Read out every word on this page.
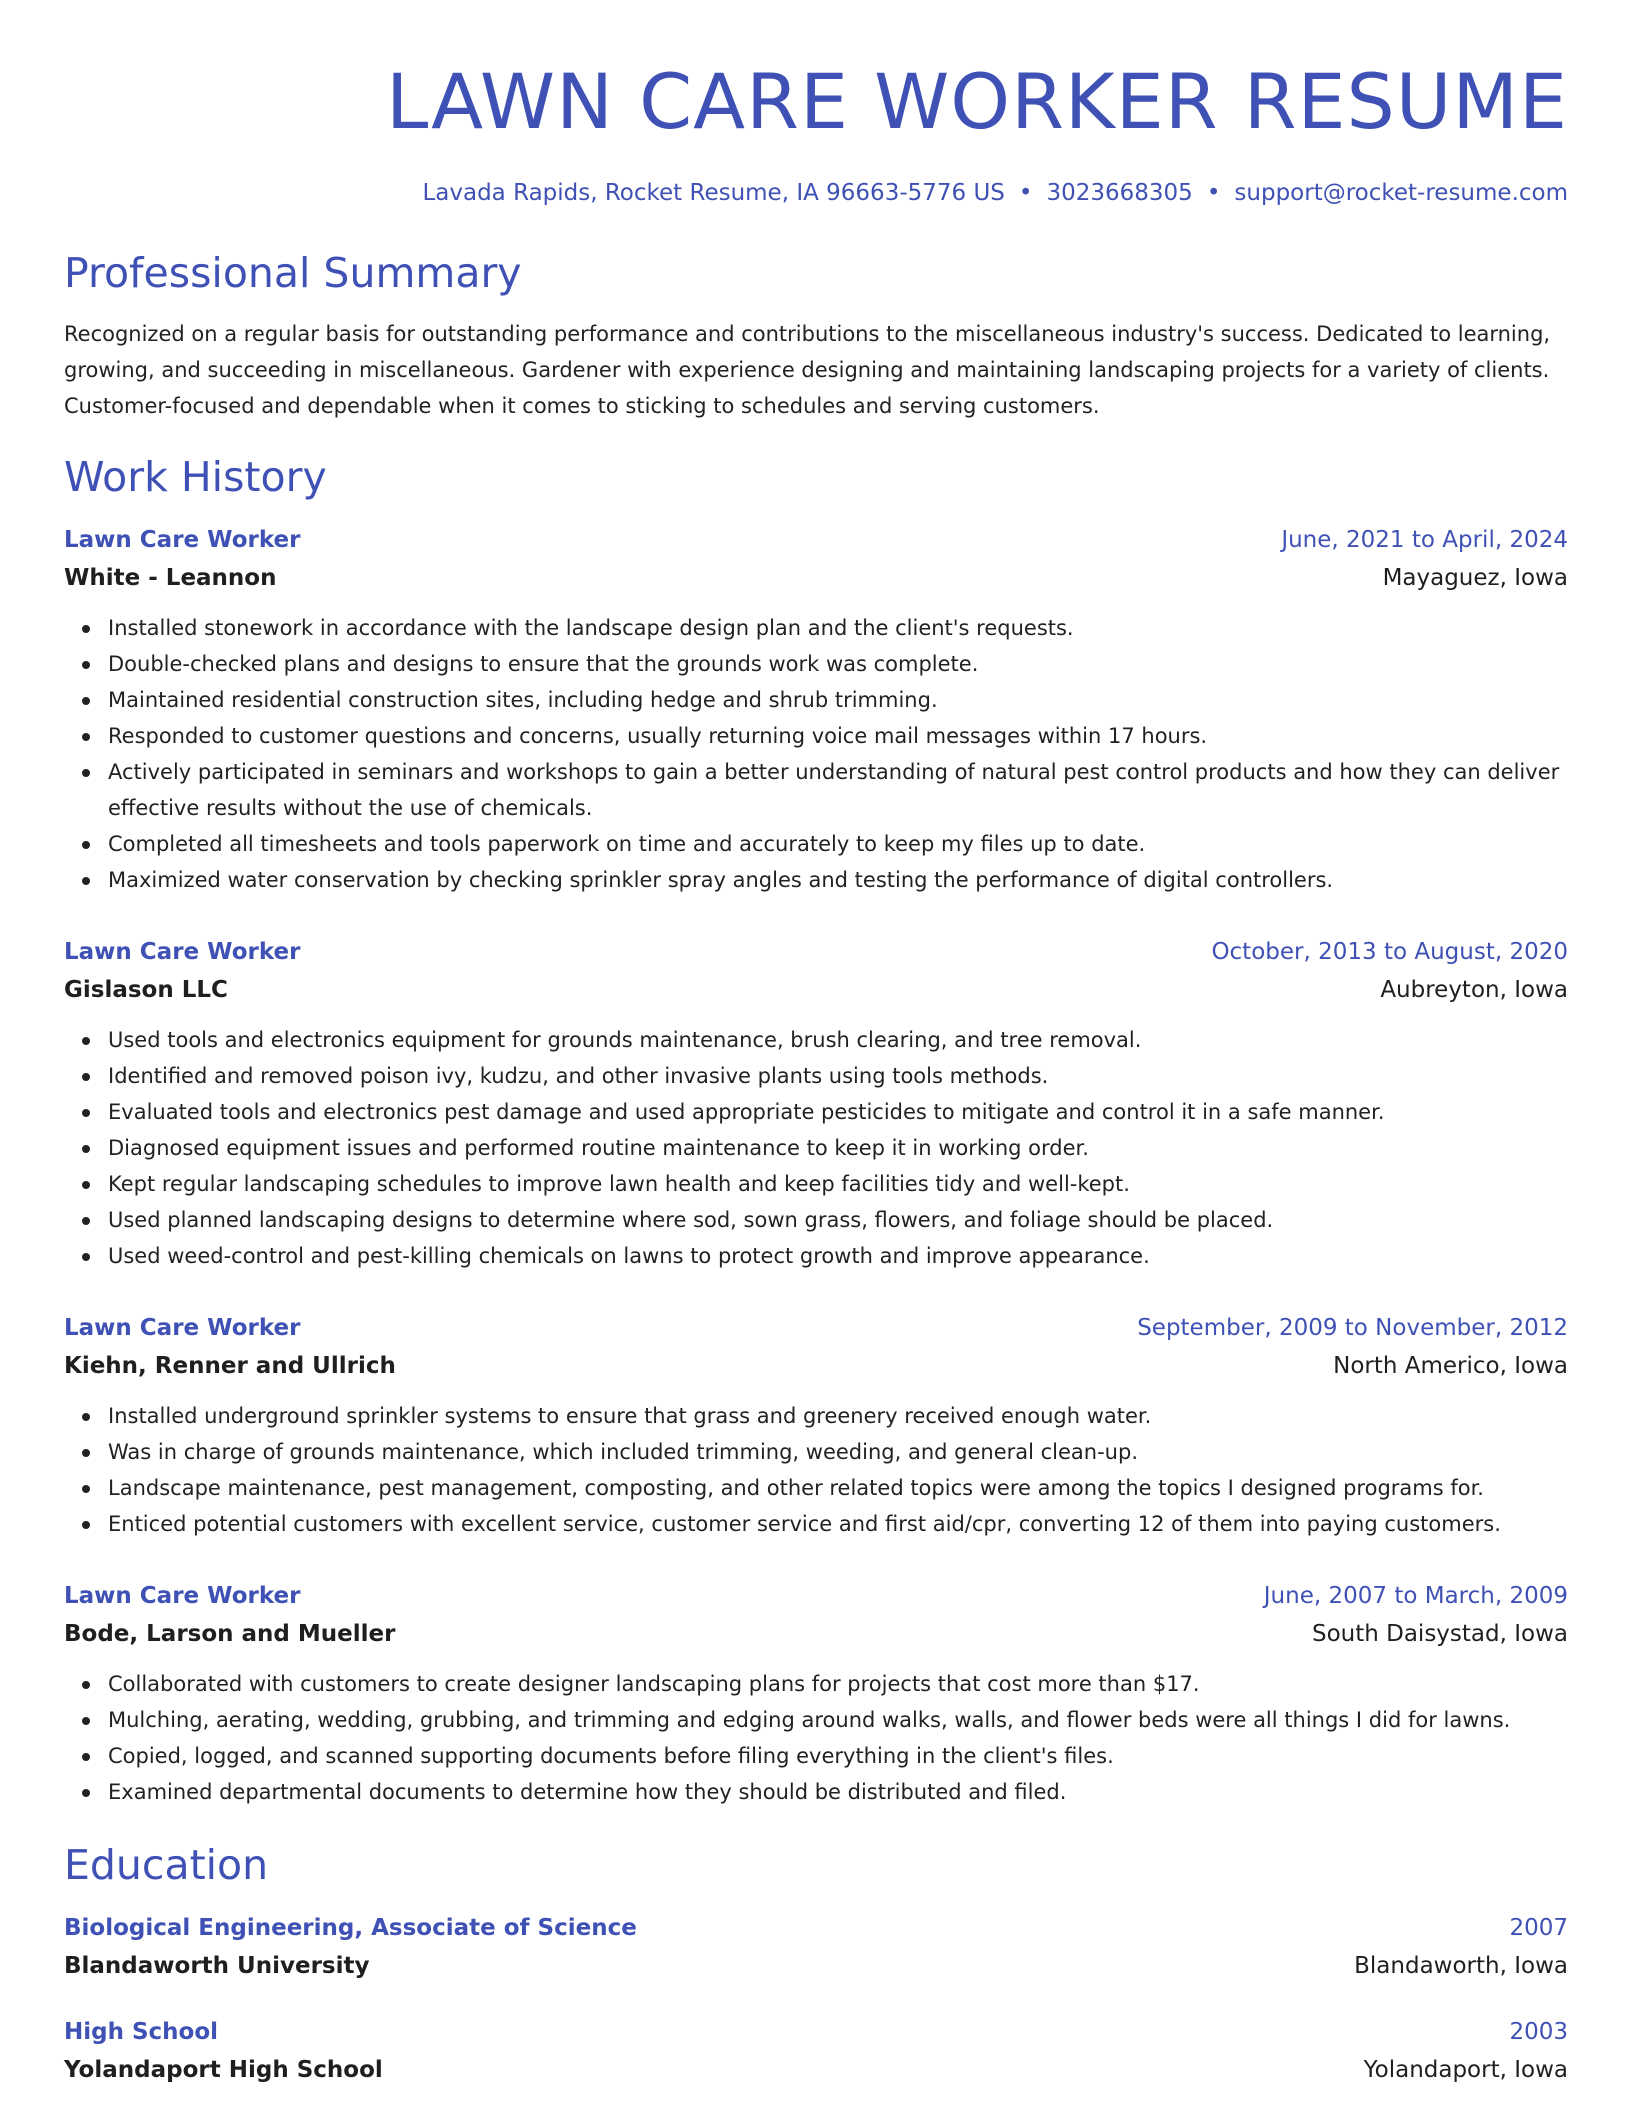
LAWN CARE WORKER RESUME
Lavada Rapids, Rocket Resume, IA 96663-5776 US • 3023668305 • support@rocket-resume.com
Professional Summary

Recognized on a regular basis for outstanding performance and contributions to the miscellaneous industry's success. Dedicated to learning, growing, and succeeding in miscellaneous. Gardener with experience designing and maintaining landscaping projects for a variety of clients. Customer-focused and dependable when it comes to sticking to schedules and serving customers.

Work History
Lawn Care Worker	June, 2021 to April, 2024
White - Leannon	Mayaguez, Iowa
Installed stonework in accordance with the landscape design plan and the client's requests.
Double-checked plans and designs to ensure that the grounds work was complete.
Maintained residential construction sites, including hedge and shrub trimming.
Responded to customer questions and concerns, usually returning voice mail messages within 17 hours.
Actively participated in seminars and workshops to gain a better understanding of natural pest control products and how they can deliver effective results without the use of chemicals.
Completed all timesheets and tools paperwork on time and accurately to keep my files up to date.
Maximized water conservation by checking sprinkler spray angles and testing the performance of digital controllers.
Lawn Care Worker	October, 2013 to August, 2020
Gislason LLC	Aubreyton, Iowa
Used tools and electronics equipment for grounds maintenance, brush clearing, and tree removal.
Identified and removed poison ivy, kudzu, and other invasive plants using tools methods.
Evaluated tools and electronics pest damage and used appropriate pesticides to mitigate and control it in a safe manner.
Diagnosed equipment issues and performed routine maintenance to keep it in working order.
Kept regular landscaping schedules to improve lawn health and keep facilities tidy and well-kept.
Used planned landscaping designs to determine where sod, sown grass, flowers, and foliage should be placed.
Used weed-control and pest-killing chemicals on lawns to protect growth and improve appearance.
Lawn Care Worker	September, 2009 to November, 2012
Kiehn, Renner and Ullrich	North Americo, Iowa
Installed underground sprinkler systems to ensure that grass and greenery received enough water.
Was in charge of grounds maintenance, which included trimming, weeding, and general clean-up.
Landscape maintenance, pest management, composting, and other related topics were among the topics I designed programs for.
Enticed potential customers with excellent service, customer service and first aid/cpr, converting 12 of them into paying customers.
Lawn Care Worker	June, 2007 to March, 2009
Bode, Larson and Mueller	South Daisystad, Iowa
Collaborated with customers to create designer landscaping plans for projects that cost more than $17.
Mulching, aerating, wedding, grubbing, and trimming and edging around walks, walls, and flower beds were all things I did for lawns.
Copied, logged, and scanned supporting documents before filing everything in the client's files.
Examined departmental documents to determine how they should be distributed and filed.
Education
Biological Engineering, Associate of Science	2007
Blandaworth University	Blandaworth, Iowa
High School	2003
Yolandaport High School	Yolandaport, Iowa
